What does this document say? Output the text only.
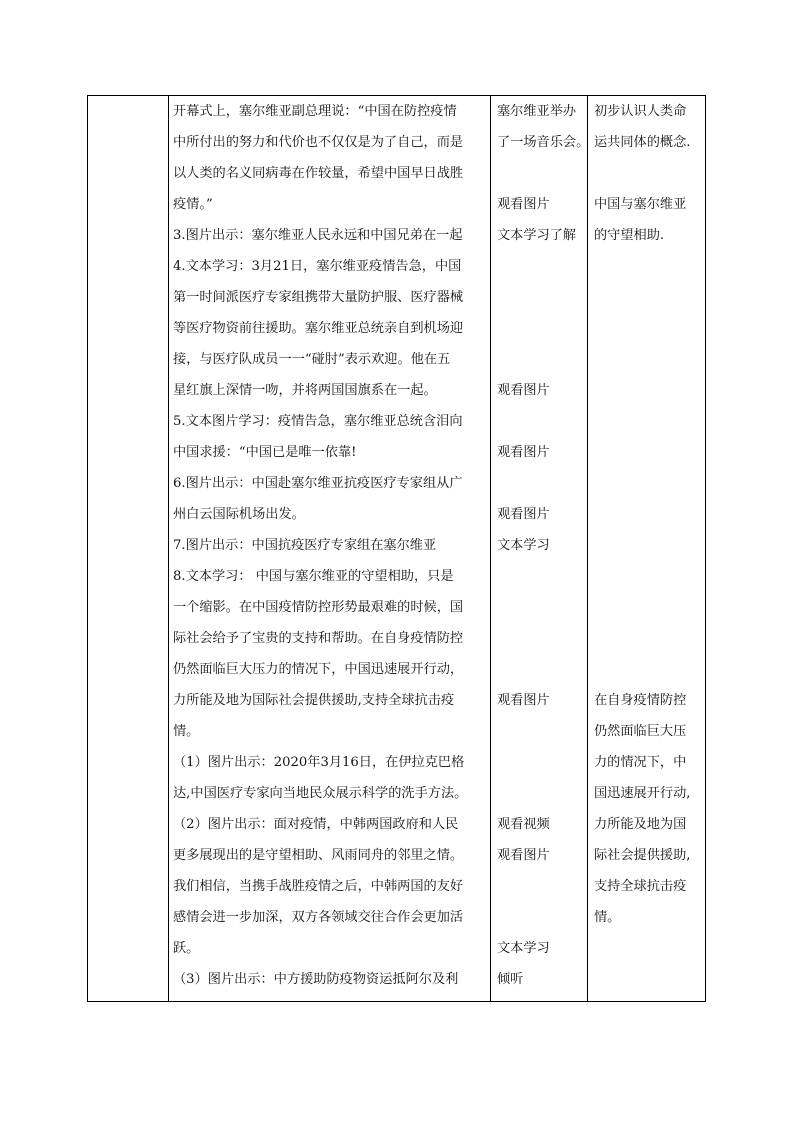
开幕式上，塞尔维亚副总理说：“中国在防控疫情
中所付出的努力和代价也不仅仅是为了自己，而是
以人类的名义同病毒在作较量，希望中国早日战胜
疫情。”
3.图片出示：塞尔维亚人民永远和中国兄弟在一起
4.文本学习：3月21日，塞尔维亚疫情告急，中国
第一时间派医疗专家组携带大量防护服、医疗器械
等医疗物资前往援助。塞尔维亚总统亲自到机场迎
接，与医疗队成员一一“碰肘”表示欢迎。他在五
星红旗上深情一吻，并将两国国旗系在一起。
5.文本图片学习：疫情告急，塞尔维亚总统含泪向
中国求援：“中国已是唯一依靠!
6.图片出示：中国赴塞尔维亚抗疫医疗专家组从广
州白云国际机场出发。
7.图片出示：中国抗疫医疗专家组在塞尔维亚
8.文本学习： 中国与塞尔维亚的守望相助，只是
一个缩影。在中国疫情防控形势最艰难的时候，国
际社会给予了宝贵的支持和帮助。在自身疫情防控
仍然面临巨大压力的情况下，中国迅速展开行动，
力所能及地为国际社会提供援助,支持全球抗击疫
情。
（1）图片出示：2020年3月16日，在伊拉克巴格
达,中国医疗专家向当地民众展示科学的洗手方法。
（2）图片出示：面对疫情，中韩两国政府和人民
更多展现出的是守望相助、风雨同舟的邻里之情。
我们相信，当携手战胜疫情之后，中韩两国的友好
感情会进一步加深，双方各领域交往合作会更加活
跃。
（3）图片出示：中方援助防疫物资运抵阿尔及利
塞尔维亚举办
了一场音乐会。
观看图片
文本学习了解
观看图片
观看图片
观看图片
文本学习
观看图片
观看视频
观看图片
文本学习
倾听
初步认识人类命
运共同体的概念.
中国与塞尔维亚
的守望相助.
在自身疫情防控
仍然面临巨大压
力的情况下，中
国迅速展开行动,
力所能及地为国
际社会提供援助,
支持全球抗击疫
情。
